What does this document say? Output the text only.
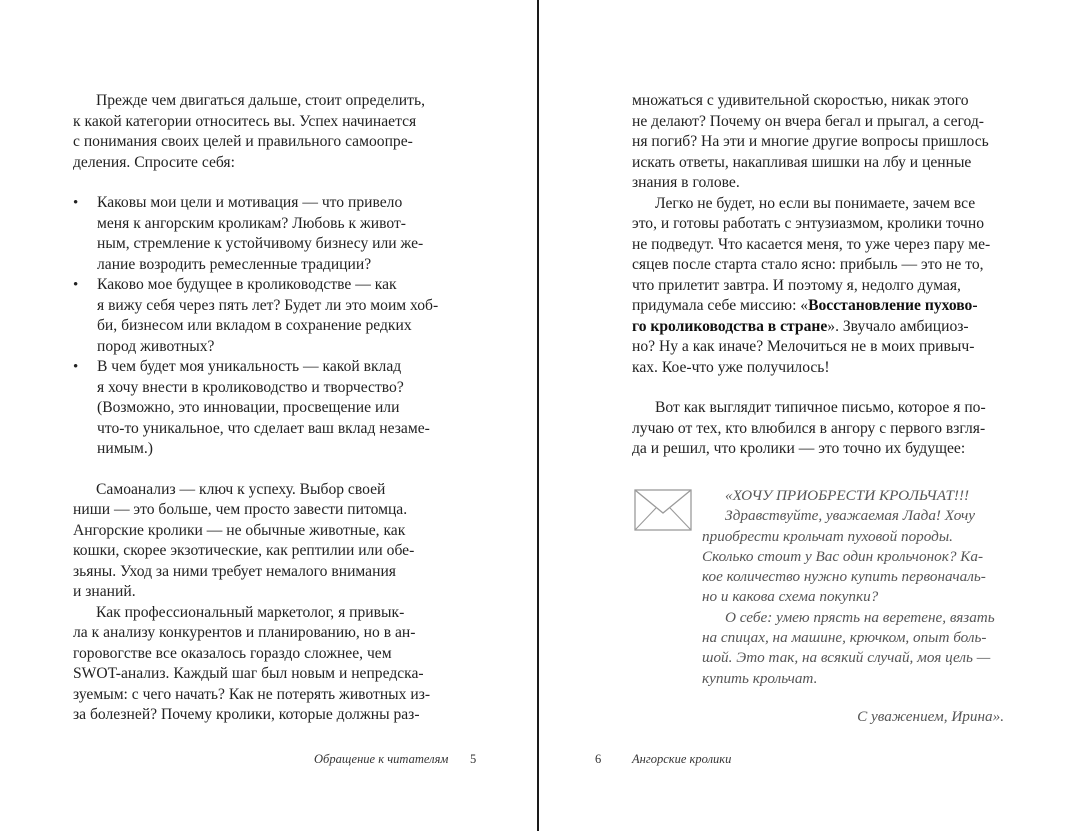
Прежде чем двигаться дальше, стоит определить,

к какой категории относитесь вы. Успех начинается

с понимания своих целей и правильного самоопре-

деления. Спросите себя:

• Каковы мои цели и мотивация — что привело

меня к ангорским кроликам? Любовь к живот-

ным, стремление к устойчивому бизнесу или же-

лание возродить ремесленные традиции?

• Каково мое будущее в кролиководстве — как

я вижу себя через пять лет? Будет ли это моим хоб-

би, бизнесом или вкладом в сохранение редких

пород животных?

• В чем будет моя уникальность — какой вклад

я хочу внести в кролиководство и творчество?

(Возможно, это инновации, просвещение или

что-то уникальное, что сделает ваш вклад незаме-

нимым.)

Самоанализ — ключ к успеху. Выбор своей

ниши — это больше, чем просто завести питомца.

Ангорские кролики — не обычные животные, как

кошки, скорее экзотические, как рептилии или обе-

зьяны. Уход за ними требует немалого внимания

и знаний.

Как профессиональный маркетолог, я привык-

ла к анализу конкурентов и планированию, но в ан-

горовогстве все оказалось гораздо сложнее, чем

SWOT-анализ. Каждый шаг был новым и непредска-

зуемым: с чего начать? Как не потерять животных из-

за болезней? Почему кролики, которые должны раз-

Обращение к читателям 5

множаться с удивительной скоростью, никак этого

не делают? Почему он вчера бегал и прыгал, а сегод-

ня погиб? На эти и многие другие вопросы пришлось

искать ответы, накапливая шишки на лбу и ценные

знания в голове.

Легко не будет, но если вы понимаете, зачем все

это, и готовы работать с энтузиазмом, кролики точно

не подведут. Что касается меня, то уже через пару ме-

сяцев после старта стало ясно: прибыль — это не то,

что прилетит завтра. И поэтому я, недолго думая,

придумала себе миссию: «Восстановление пухово-

го кролиководства в стране». Звучало амбициоз-

но? Ну а как иначе? Мелочиться не в моих привыч-

ках. Кое-что уже получилось!

Вот как выглядит типичное письмо, которое я по-

лучаю от тех, кто влюбился в ангору с первого взгля-

да и решил, что кролики — это точно их будущее:

6 Ангорские кролики

«ХОЧУ ПРИОБРЕСТИ КРОЛЬЧАТ!!!

Здравствуйте, уважаемая Лада! Хочу

приобрести крольчат пуховой породы.

Сколько стоит у Вас один крольчонок? Ка-

кое количество нужно купить первоначаль-

но и какова схема покупки?

О себе: умею прясть на веретене, вязать

на спицах, на машине, крючком, опыт боль-

шой. Это так, на всякий случай, моя цель —

купить крольчат.

С уважением, Ирина».
